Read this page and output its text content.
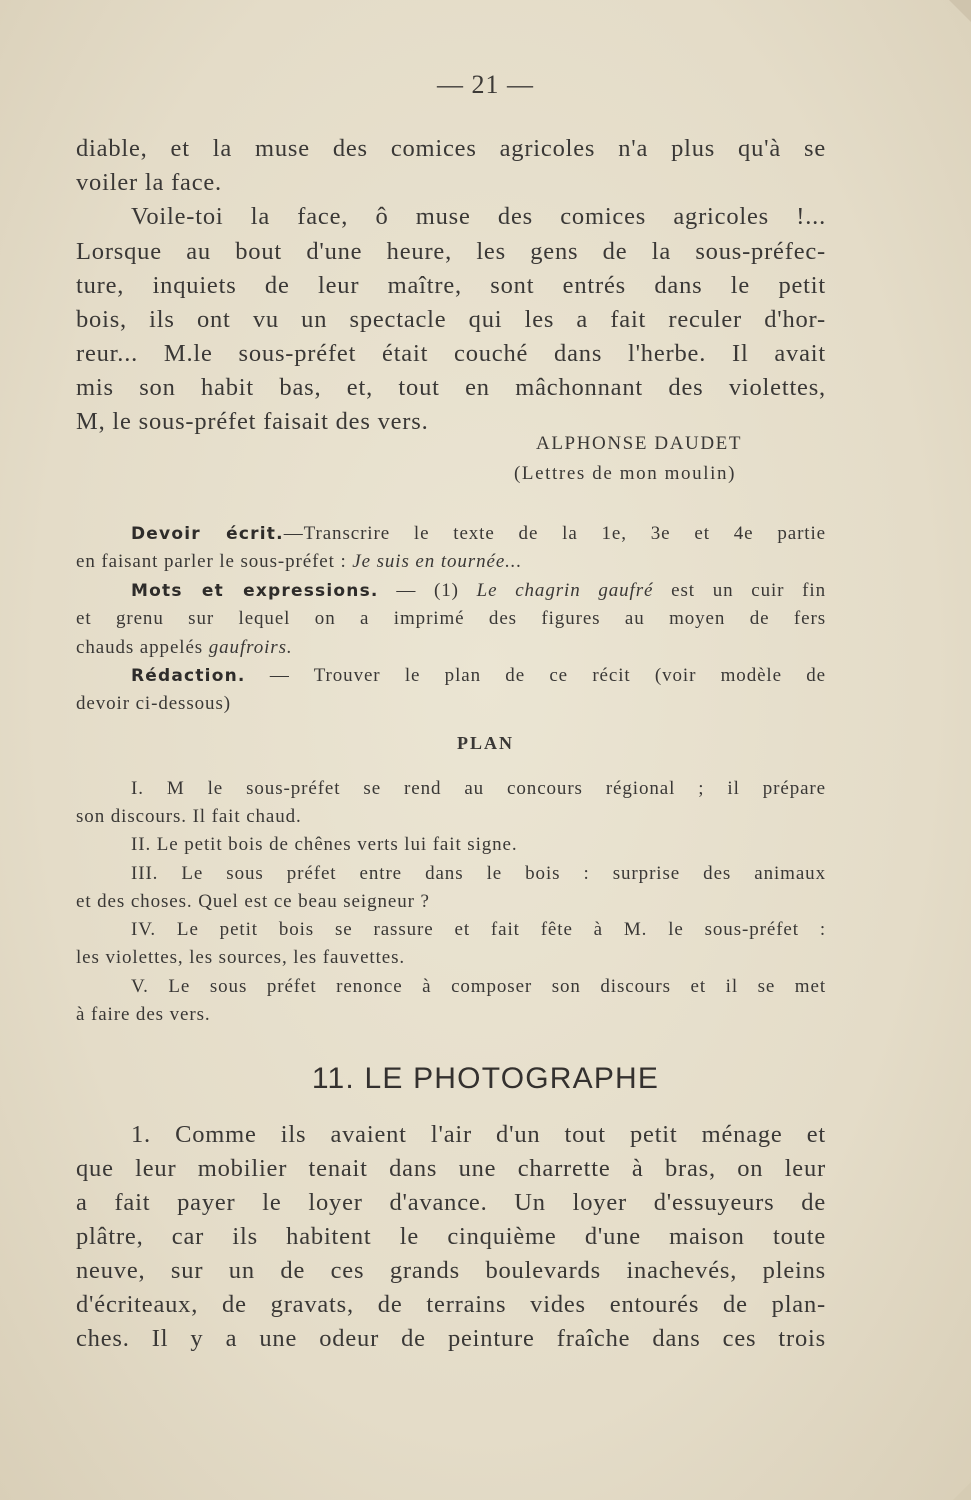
— 21 —
diable, et la muse des comices agricoles n'a plus qu'à se
voiler la face.
Voile-toi la face, ô muse des comices agricoles !...
Lorsque au bout d'une heure, les gens de la sous-préfec-
ture, inquiets de leur maître, sont entrés dans le petit
bois, ils ont vu un spectacle qui les a fait reculer d'hor-
reur... M.le sous-préfet était couché dans l'herbe. Il avait
mis son habit bas, et, tout en mâchonnant des violettes,
M, le sous-préfet faisait des vers.
ALPHONSE DAUDET
(Lettres de mon moulin)
Devoir écrit.—Transcrire le texte de la 1e, 3e et 4e partie
en faisant parler le sous-préfet : Je suis en tournée...
Mots et expressions. — (1) Le chagrin gaufré est un cuir fin
et grenu sur lequel on a imprimé des figures au moyen de fers
chauds appelés gaufroirs.
Rédaction. — Trouver le plan de ce récit (voir modèle de
devoir ci-dessous)
PLAN
I. M le sous-préfet se rend au concours régional ; il prépare
son discours. Il fait chaud.
II. Le petit bois de chênes verts lui fait signe.
III. Le sous préfet entre dans le bois : surprise des animaux
et des choses. Quel est ce beau seigneur ?
IV. Le petit bois se rassure et fait fête à M. le sous-préfet :
les violettes, les sources, les fauvettes.
V. Le sous préfet renonce à composer son discours et il se met
à faire des vers.
11. LE PHOTOGRAPHE
1. Comme ils avaient l'air d'un tout petit ménage et
que leur mobilier tenait dans une charrette à bras, on leur
a fait payer le loyer d'avance. Un loyer d'essuyeurs de
plâtre, car ils habitent le cinquième d'une maison toute
neuve, sur un de ces grands boulevards inachevés, pleins
d'écriteaux, de gravats, de terrains vides entourés de plan-
ches. Il y a une odeur de peinture fraîche dans ces trois
